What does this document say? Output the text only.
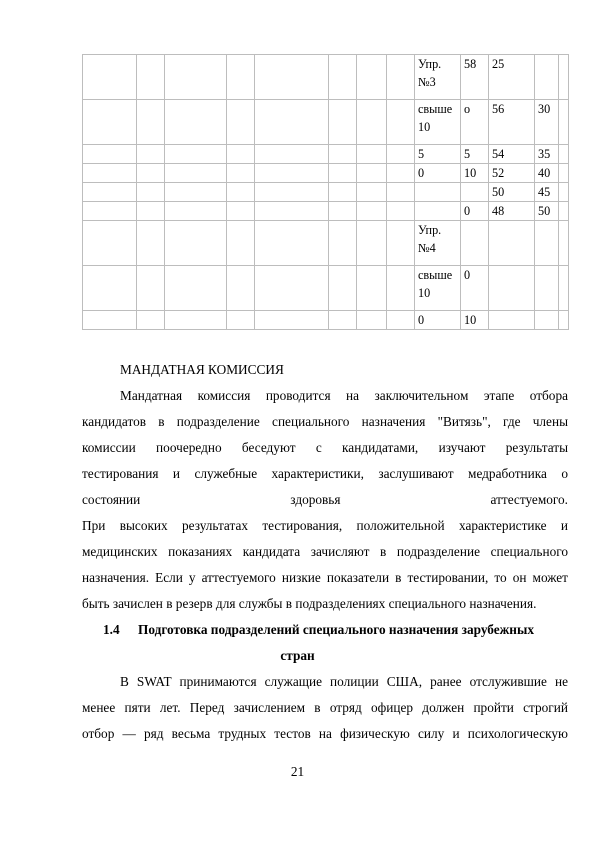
								Упр. №3	58	25		
								свыше 10	о	56	30	
								5	5	54	35	
								0	10	52	40	
										50	45	
									0	48	50	
								Упр. №4				
								свыше 10	0			
								0	10			

МАНДАТНАЯ КОМИССИЯ

Мандатная комиссия проводится на заключительном этапе отбора
кандидатов в подразделение специального назначения "Витязь", где члены
комиссии поочередно беседуют с кандидатами, изучают результаты
тестирования и служебные характеристики, заслушивают медработника о
состоянии здоровья аттестуемого.
При высоких результатах тестирования, положительной характеристике и
медицинских показаниях кандидата зачисляют в подразделение специального
назначения. Если у аттестуемого низкие показатели в тестировании, то он может
быть зачислен в резерв для службы в подразделениях специального назначения.

1.4 Подготовка подразделений специального назначения зарубежных

стран

В SWAT принимаются служащие полиции США, ранее отслужившие не
менее пяти лет. Перед зачислением в отряд офицер должен пройти строгий
отбор — ряд весьма трудных тестов на физическую силу и психологическую

21
